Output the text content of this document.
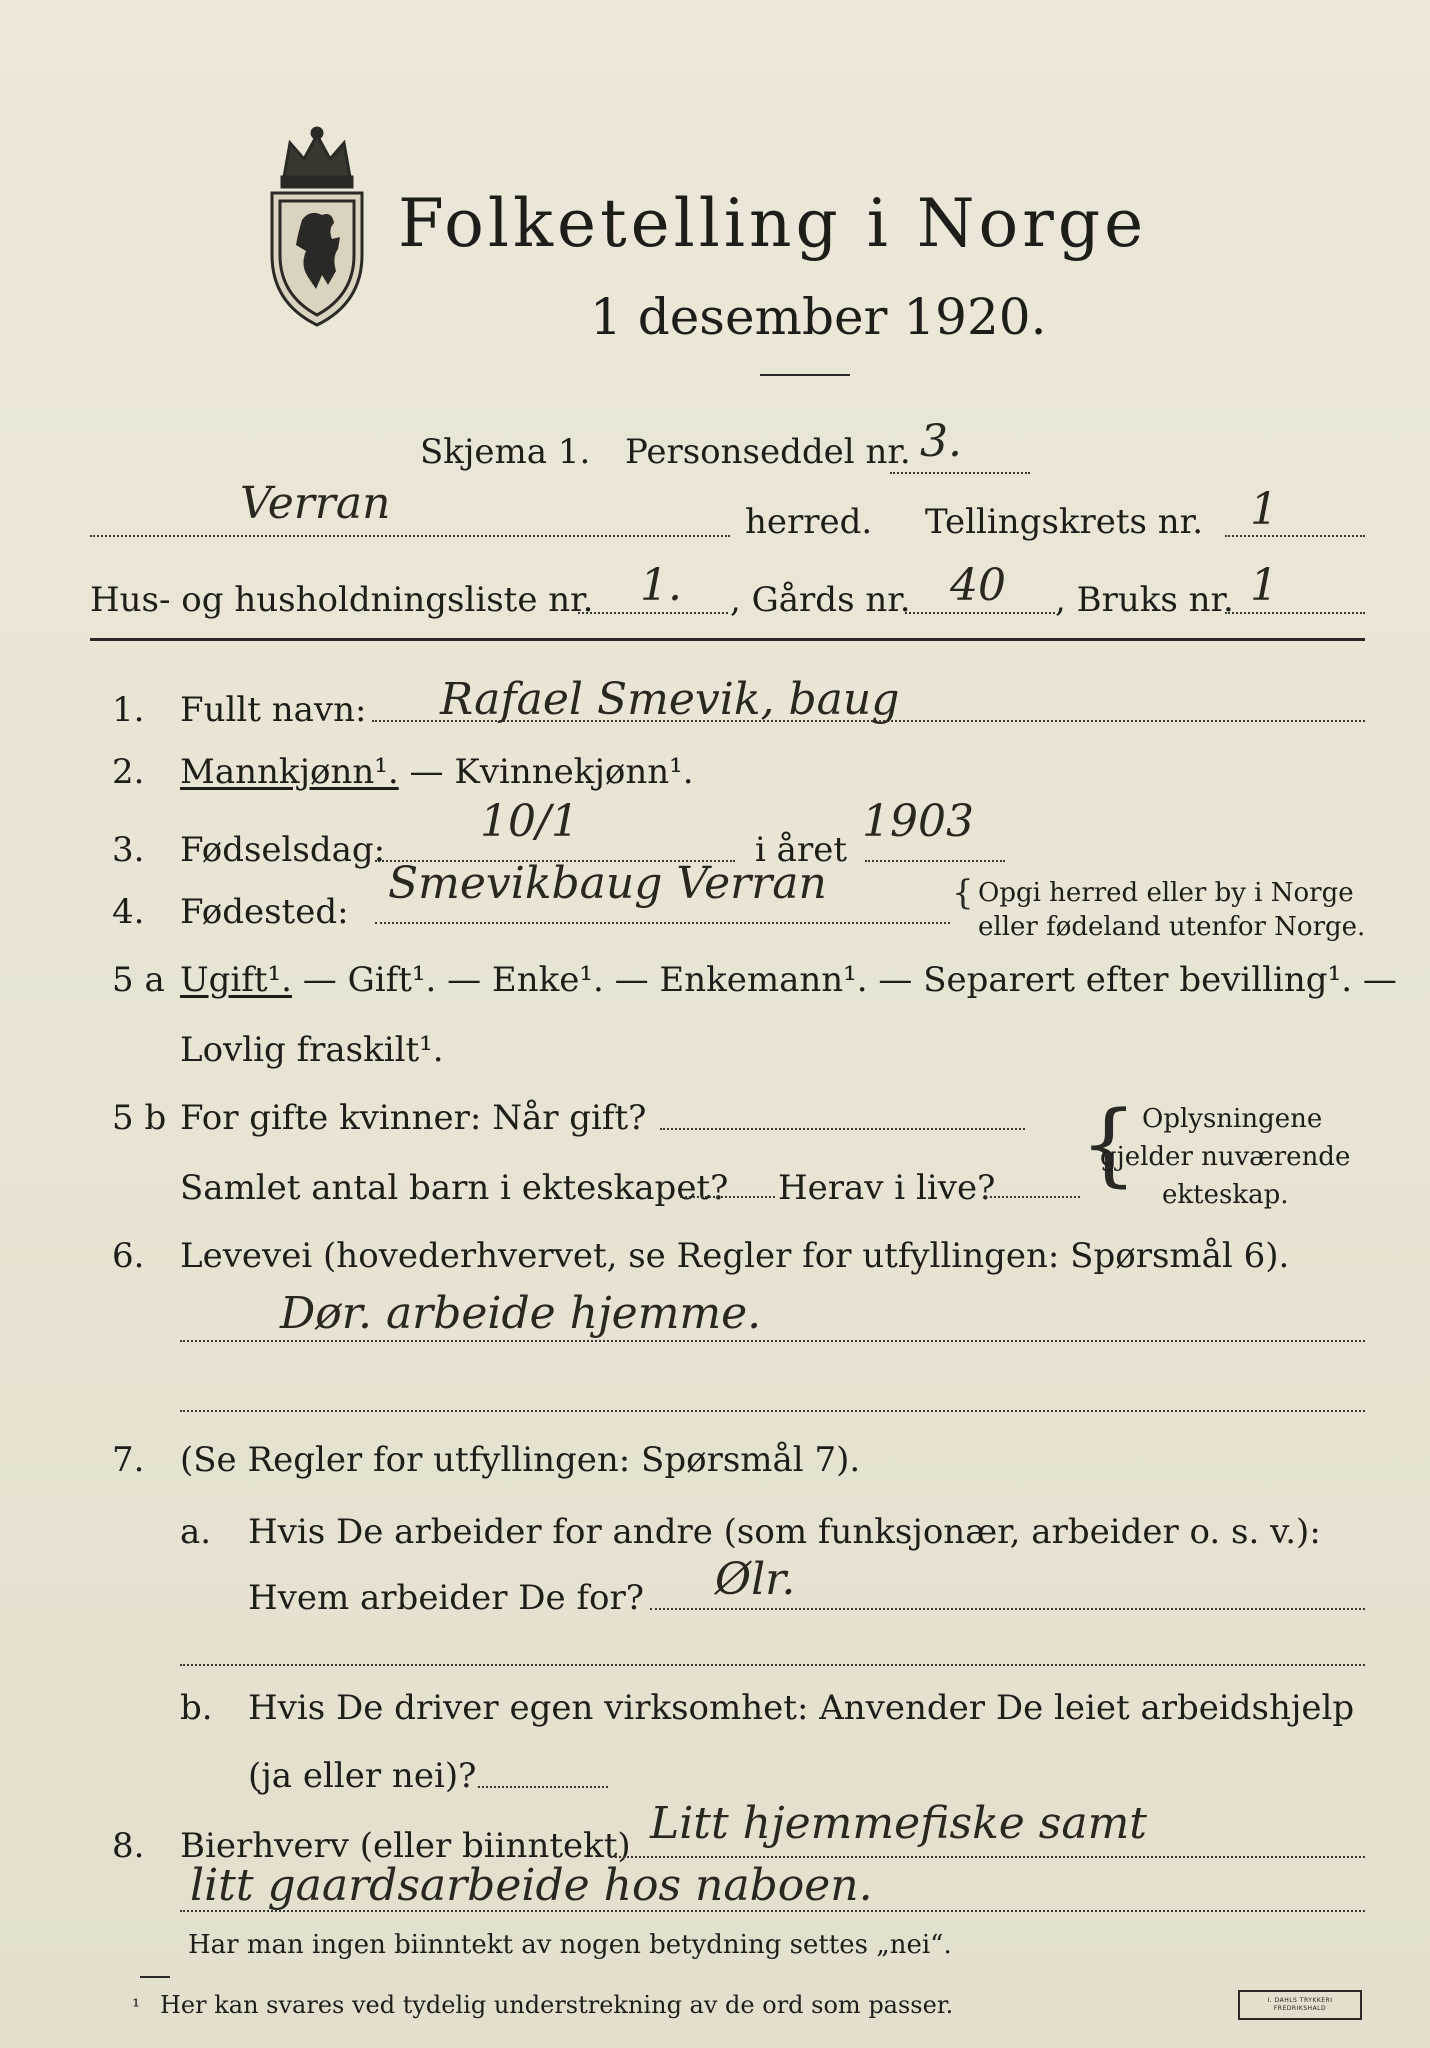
Folketelling i Norge
1 desember 1920.
Skjema 1. Personseddel nr. 3.
Verran	herred. Tellingskrets nr. 1
Hus- og husholdningsliste nr. 1. , Gårds nr. 40 , Bruks nr. 1
1. Fullt navn: Rafael Smevik, baug
2. Mannkjønn¹. — Kvinnekjønn¹.
3. Fødselsdag:
10/1
i året
1903
4. Fødested:
Smevikbaug Verran	{ Opgi herred eller by i Norge
eller fødeland utenfor Norge.
5 a Ugift¹. — Gift¹. — Enke¹. — Enkemann¹. — Separert efter bevilling¹. —
Lovlig fraskilt¹.
5 b For gifte kvinner: Når gift?
Samlet antal barn i ekteskapet? Herav i live? { Oplysningene
gjelder nuværende
ekteskap.
6. Levevei (hovederhvervet, se Regler for utfyllingen: Spørsmål 6).
Dør. arbeide hjemme.
7. (Se Regler for utfyllingen: Spørsmål 7).
a. Hvis De arbeider for andre (som funksjonær, arbeider o. s. v.):
Hvem arbeider De for? Ølr.
b. Hvis De driver egen virksomhet: Anvender De leiet arbeidshjelp
(ja eller nei)?
8. Bierhverv (eller biinntekt) Litt hjemmefiske samt
litt gaardsarbeide hos naboen.
Har man ingen biinntekt av nogen betydning settes „nei“.
¹ Her kan svares ved tydelig understrekning av de ord som passer.	I. DAHLS TRYKKERI FREDRIKSHALD
